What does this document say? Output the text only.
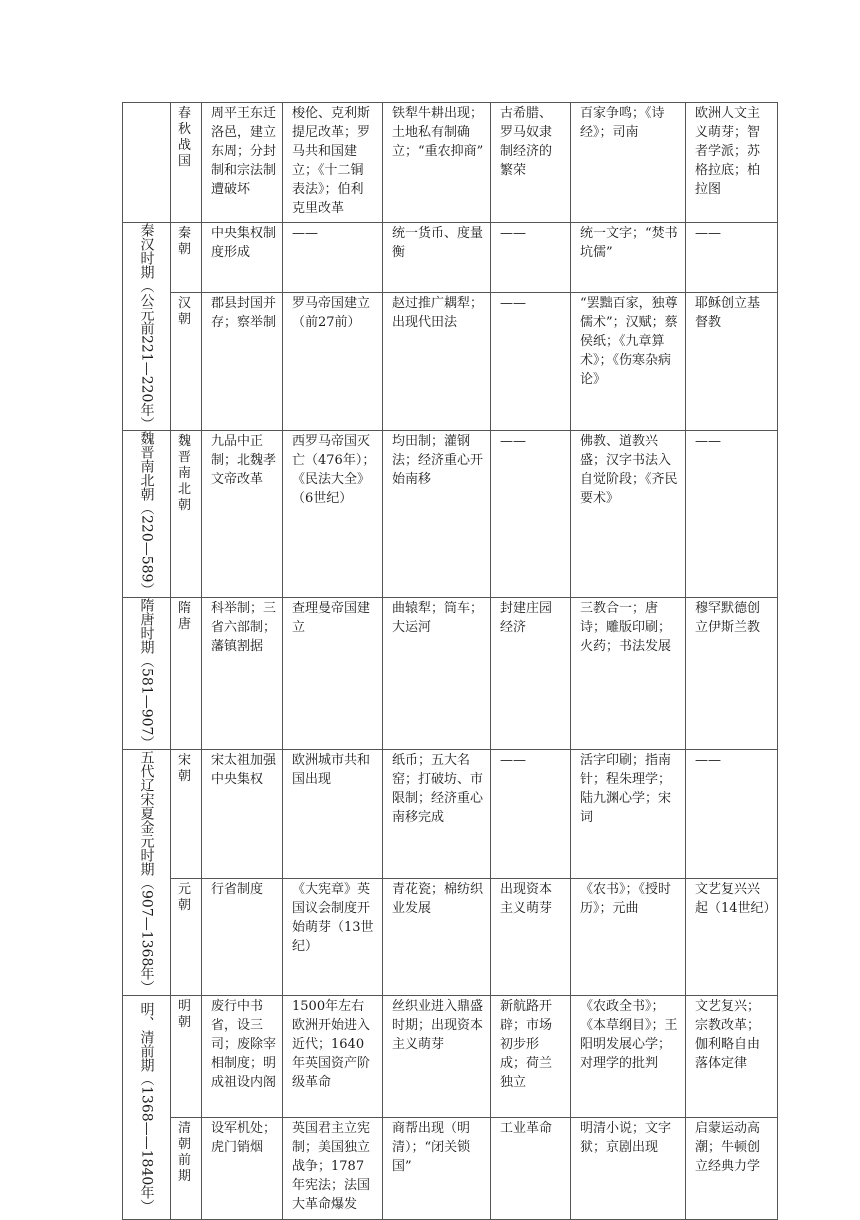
	春秋战国	周平王东迁洛邑，建立东周；分封制和宗法制遭破坏	梭伦、克利斯提尼改革；罗马共和国建立；《十二铜表法》；伯利克里改革	铁犁牛耕出现；土地私有制确立；“重农抑商”	古希腊、罗马奴隶制经济的繁荣	百家争鸣；《诗经》；司南	欧洲人文主义萌芽；智者学派；苏格拉底；柏拉图

秦汉时期（公元前221—220年）	秦朝	中央集权制度形成	——	统一货币、度量衡	——	统一文字；“焚书坑儒”	——

	汉朝	郡县封国并存；察举制	罗马帝国建立（前27前）	赵过推广耦犁；出现代田法	——	“罢黜百家，独尊儒术”；汉赋；蔡侯纸；《九章算术》；《伤寒杂病论》	耶稣创立基督教

魏晋南北朝（220—589）	魏晋南北朝	九品中正制；北魏孝文帝改革	西罗马帝国灭亡（476年）；《民法大全》（6世纪）	均田制；灌钢法；经济重心开始南移	——	佛教、道教兴盛；汉字书法入自觉阶段；《齐民要术》	——

隋唐时期（581—907）	隋唐	科举制；三省六部制；藩镇割据	查理曼帝国建立	曲辕犁；筒车；大运河	封建庄园经济	三教合一；唐诗；雕版印刷；火药；书法发展	穆罕默德创立伊斯兰教

五代辽宋夏金元时期（907—1368年）	宋朝	宋太祖加强中央集权	欧洲城市共和国出现	纸币；五大名窑；打破坊、市限制；经济重心南移完成	——	活字印刷；指南针；程朱理学；陆九渊心学；宋词	——

	元朝	行省制度	《大宪章》英国议会制度开始萌芽（13世纪）	青花瓷；棉纺织业发展	出现资本主义萌芽	《农书》；《授时历》；元曲	文艺复兴兴起（14世纪）

明、清前期（1368——1840年）	明朝	废行中书省，设三司；废除宰相制度；明成祖设内阁	1500年左右欧洲开始进入近代；1640年英国资产阶级革命	丝织业进入鼎盛时期；出现资本主义萌芽	新航路开辟；市场初步形成；荷兰独立	《农政全书》；《本草纲目》；王阳明发展心学；对理学的批判	文艺复兴；宗教改革；伽利略自由落体定律

	清朝前期	设军机处；虎门销烟	英国君主立宪制；美国独立战争；1787年宪法；法国大革命爆发	商帮出现（明清）；“闭关锁国”	工业革命	明清小说；文字狱；京剧出现	启蒙运动高潮；牛顿创立经典力学
